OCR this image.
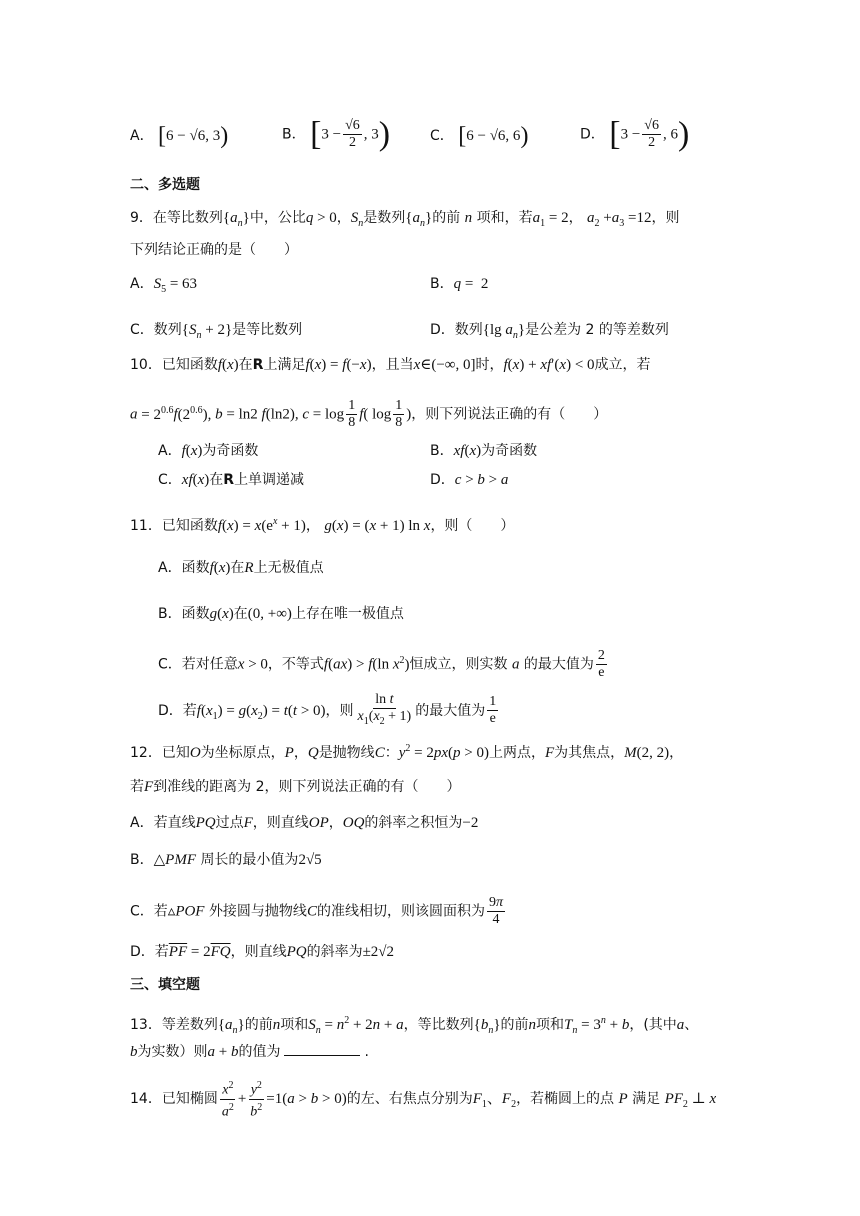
A． [6 − √6, 3)	B． [$3 - \frac{√6}{2}$ , 3)	C． [6 − √6, 6)	D． [$3 - \frac{√6}{2}$ , 6)
二、多选题
9．在等比数列$\{a_n\}$中，公比q > 0，$S_n$是数列$\{a_n\}$的前 n 项和，若$a_1 = 2$， $a_2 +a_3 =12$，则
下列结论正确的是（　　）
A．$S_5 = 63$	B．q =  2
C．数列$\{S_n + 2\}$是等比数列	D．数列{lg $a_n$}是公差为 2 的等差数列
10．已知函数f(x)在R上满足f(x) = f(−x)，且当x∈(−∞, 0]时，f(x) + xf′(x) < 0成立，若
$a = 2^{0.6}f(2^{0.6})$, b = ln2 f(ln2), $c = \log \frac{1}{8} f$( $\log \frac{1}{8}$ )，则下列说法正确的有（　　）
A．f(x)为奇函数	B．xf(x)为奇函数
C．xf(x)在R上单调递减	D．c > b > a
11．已知函数$f(x) = x(e^x + 1)$， g(x) = (x + 1) ln x，则（　　）
A．函数f(x)在R上无极值点
B．函数g(x)在(0, +∞)上存在唯一极值点
C．若对任意x > 0，不等式f(ax) > f(ln $x^2$)恒成立，则实数 a 的最大值为 $\frac{2}{e}$
D．若$f(x_1) = g(x_2) = t(t > 0)$，则 $\frac{\text{ln t}}{x_1(x_2 + 1)}$ 的最大值为 $\frac{1}{e}$
12．已知O为坐标原点，P，Q是抛物线C：$y^2 = 2px(p > 0)$上两点，F为其焦点，M(2, 2)，
若F到准线的距离为 2，则下列说法正确的有（　　）
A．若直线PQ过点F，则直线OP，OQ的斜率之积恒为−2
B．△PMF 周长的最小值为2√5
C．若▵POF 外接圆与抛物线C的准线相切，则该圆面积为 $\frac{9\pi}{4}$
D．若$\overline{PF} = 2\overline{FQ}$，则直线PQ的斜率为±2√2
三、填空题
13．等差数列$\{a_n\}$的前n项和$S_n = n^2 + 2n + a$，等比数列$\{b_n\}$的前n项和$T_n = 3^n + b$，(其中a、
b为实数）则a + b的值为	.
14．已知椭圆 $\frac{x^2}{a^2} + \frac{y^2}{b^2} =1(a > b > 0)$的左、右焦点分别为$F_1$、$F_2$，若椭圆上的点 P 满足 $PF_2$ ⊥ x
